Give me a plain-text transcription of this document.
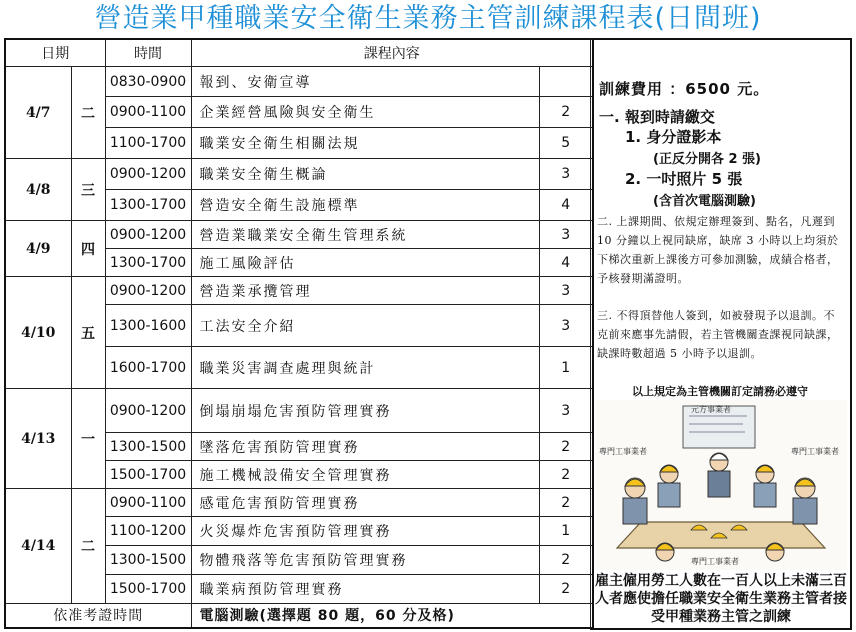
營造業甲種職業安全衛生業務主管訓練課程表(日間班)
日期		時間	課程內容	
4/7	二	0830-0900	報到、安衛宣導	
		0900-1100	企業經營風險與安全衛生	2
		1100-1700	職業安全衛生相關法規	5
4/8	三	0900-1200	職業安全衛生概論	3
		1300-1700	營造安全衛生設施標準	4
4/9	四	0900-1200	營造業職業安全衛生管理系統	3
		1300-1700	施工風險評估	4
4/10	五	0900-1200	營造業承攬管理	3
		1300-1600	工法安全介紹	3
		1600-1700	職業災害調查處理與統計	1
4/13	一	0900-1200	倒塌崩塌危害預防管理實務	3
		1300-1500	墜落危害預防管理實務	2
		1500-1700	施工機械設備安全管理實務	2
4/14	二	0900-1100	感電危害預防管理實務	2
		1100-1200	火災爆炸危害預防管理實務	1
		1300-1500	物體飛落等危害預防管理實務	2
		1500-1700	職業病預防管理實務	2
依准考證時間			電腦測驗(選擇題 80 題，60 分及格)	
訓練費用 ：6500 元。
一. 報到時請繳交
1. 身分證影本
(正反分開各 2 張)
2. 一吋照片 5 張
(含首次電腦測驗)
二. 上課期間、依規定辦理簽到、點名，凡遲到 10 分鐘以上視同缺席，缺席 3 小時以上均須於下梯次重新上課後方可參加測驗，成績合格者，予核發期滿證明。
三. 不得頂替他人簽到，如被發現予以退訓。不克前來應事先請假，若主管機關查課視同缺課，缺課時數超過 5 小時予以退訓。
以上規定為主管機關訂定請務必遵守
專門工事業者
元方事業者
專門工事業者
專門工事業者
雇主僱用勞工人數在一百人以上未滿三百人者應使擔任職業安全衛生業務主管者接受甲種業務主管之訓練
